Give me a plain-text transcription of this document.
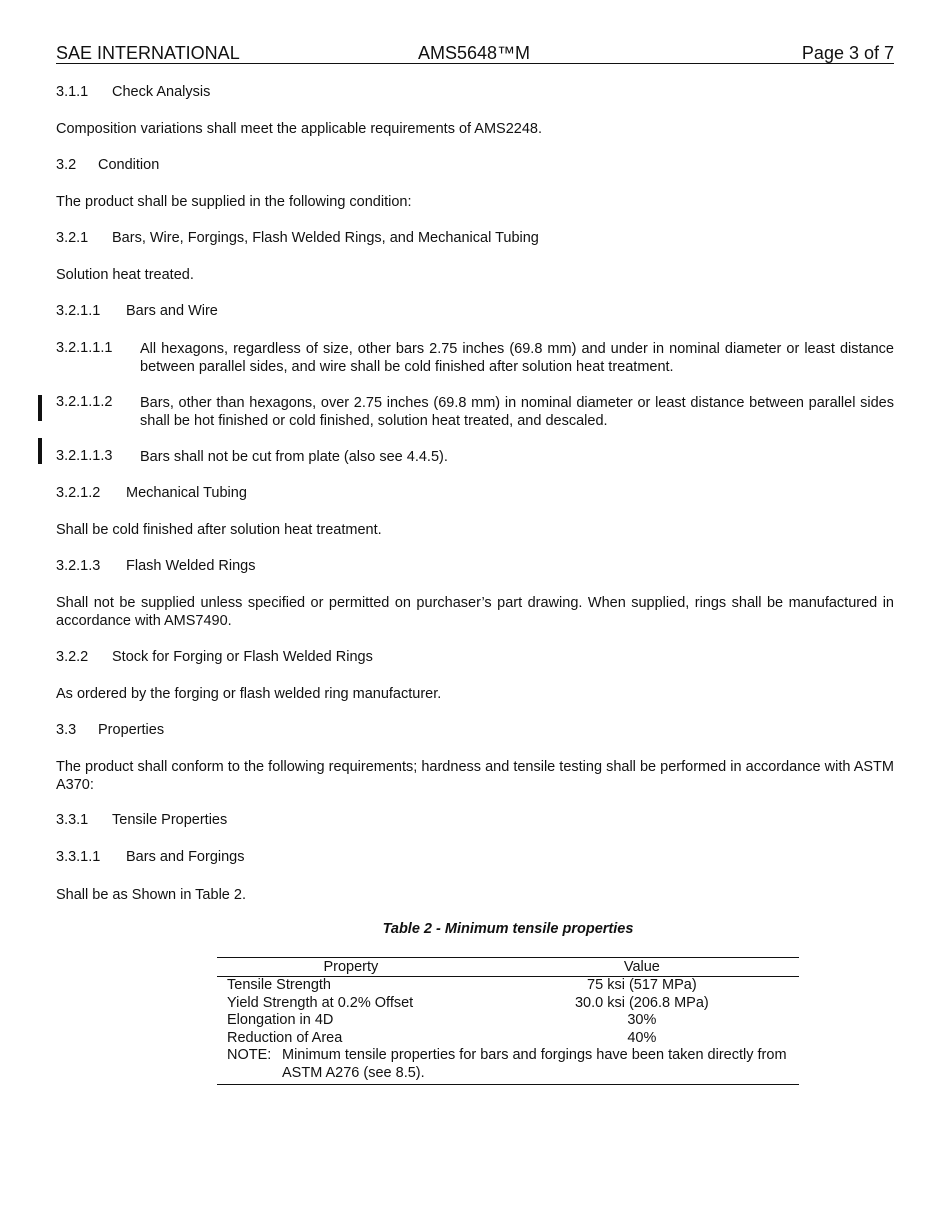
SAE INTERNATIONAL	AMS5648™M	Page 3 of 7
3.1.1 Check Analysis
Composition variations shall meet the applicable requirements of AMS2248.
3.2 Condition
The product shall be supplied in the following condition:
3.2.1 Bars, Wire, Forgings, Flash Welded Rings, and Mechanical Tubing
Solution heat treated.
3.2.1.1 Bars and Wire
3.2.1.1.1 All hexagons, regardless of size, other bars 2.75 inches (69.8 mm) and under in nominal diameter or least distance between parallel sides, and wire shall be cold finished after solution heat treatment.
3.2.1.1.2 Bars, other than hexagons, over 2.75 inches (69.8 mm) in nominal diameter or least distance between parallel sides shall be hot finished or cold finished, solution heat treated, and descaled.
3.2.1.1.3 Bars shall not be cut from plate (also see 4.4.5).
3.2.1.2 Mechanical Tubing
Shall be cold finished after solution heat treatment.
3.2.1.3 Flash Welded Rings
Shall not be supplied unless specified or permitted on purchaser’s part drawing. When supplied, rings shall be manufactured in accordance with AMS7490.
3.2.2 Stock for Forging or Flash Welded Rings
As ordered by the forging or flash welded ring manufacturer.
3.3 Properties
The product shall conform to the following requirements; hardness and tensile testing shall be performed in accordance with ASTM A370:
3.3.1 Tensile Properties
3.3.1.1 Bars and Forgings
Shall be as Shown in Table 2.
Table 2 - Minimum tensile properties
Property	Value
Tensile Strength	75 ksi (517 MPa)
Yield Strength at 0.2% Offset	30.0 ksi (206.8 MPa)
Elongation in 4D	30%
Reduction of Area	40%
NOTE: Minimum tensile properties for bars and forgings have been taken directly from ASTM A276 (see 8.5).	
